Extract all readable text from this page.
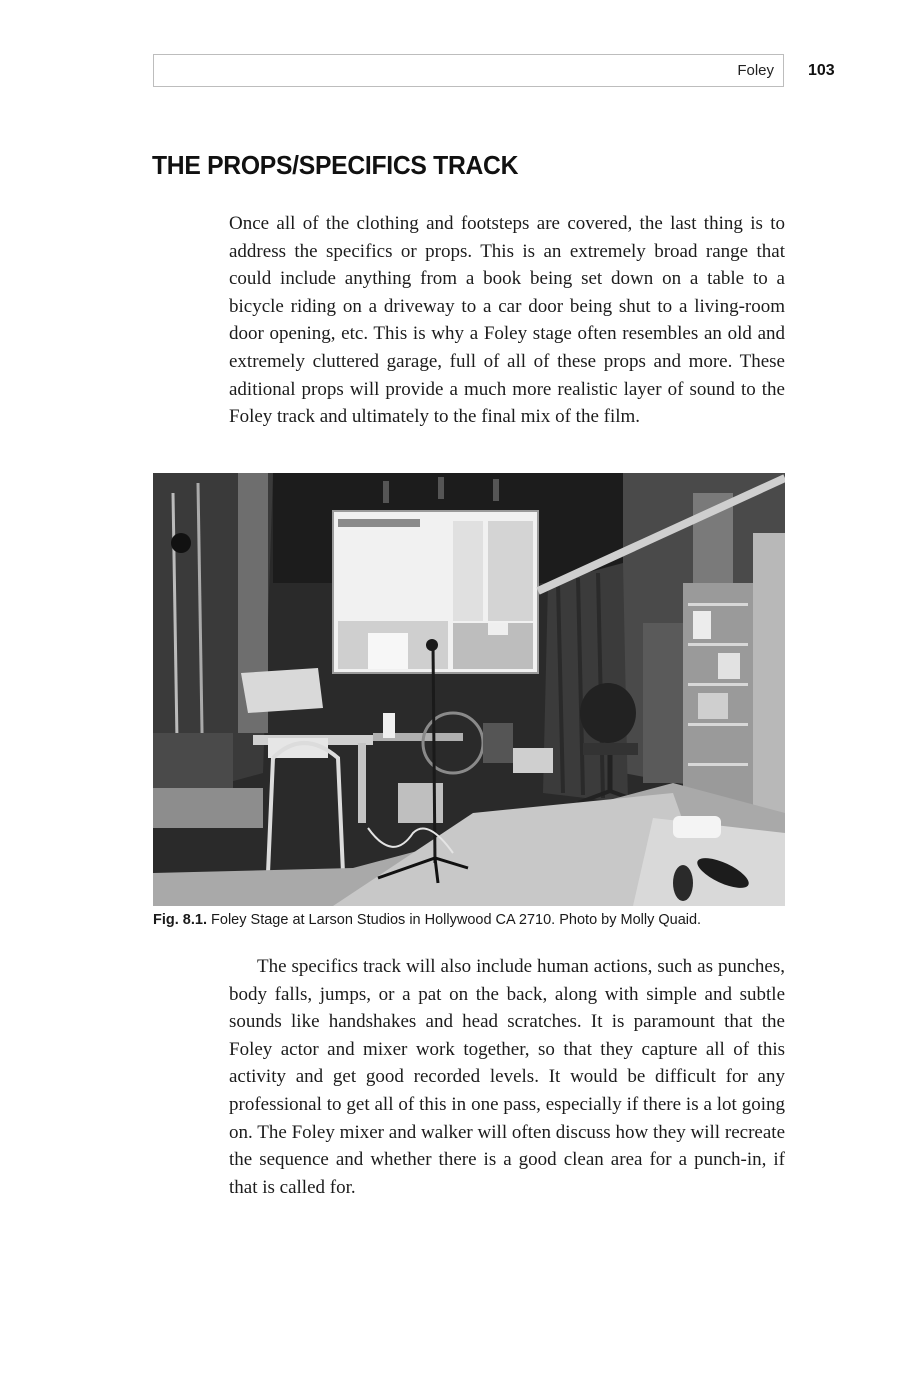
Foley 103
THE PROPS/SPECIFICS TRACK

Once all of the clothing and footsteps are covered, the last thing is to address the specifics or props. This is an extremely broad range that could include anything from a book being set down on a table to a bicycle riding on a driveway to a car door being shut to a living-room door opening, etc. This is why a Foley stage often resembles an old and extremely cluttered garage, full of all of these props and more. These aditional props will provide a much more realistic layer of sound to the Foley track and ultimately to the final mix of the film.

Fig. 8.1. Foley Stage at Larson Studios in Hollywood CA 2710. Photo by Molly Quaid.

The specifics track will also include human actions, such as punches, body falls, jumps, or a pat on the back, along with simple and subtle sounds like handshakes and head scratches. It is paramount that the Foley actor and mixer work together, so that they capture all of this activity and get good recorded levels. It would be difficult for any professional to get all of this in one pass, especially if there is a lot going on. The Foley mixer and walker will often discuss how they will recreate the sequence and whether there is a good clean area for a punch-in, if that is called for.
